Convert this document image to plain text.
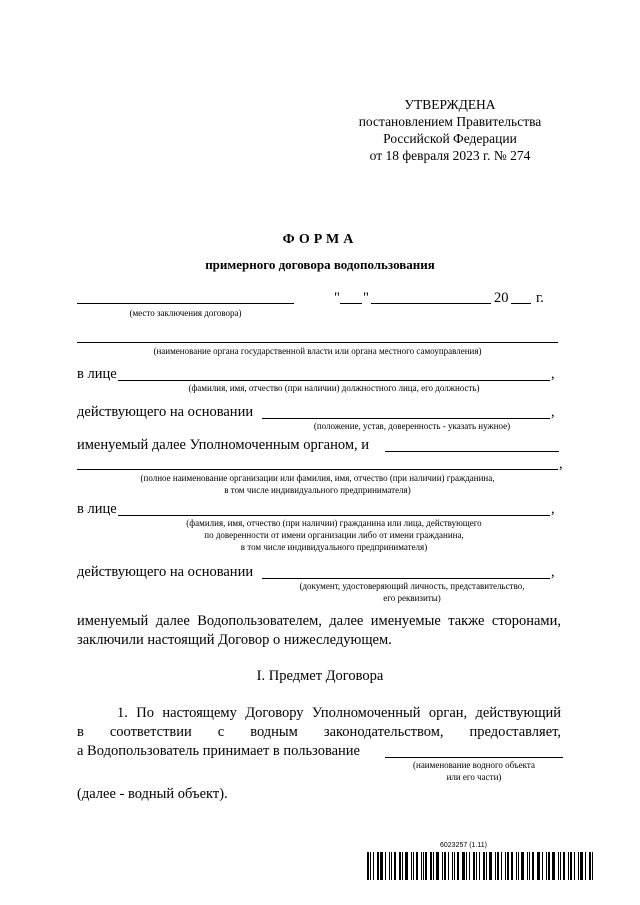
УТВЕРЖДЕНА
постановлением Правительства
Российской Федерации
от 18 февраля 2023 г. № 274
ФОРМА
примерного договора водопользования
(место заключения договора)
" "	20 г.
(наименование органа государственной власти или органа местного самоуправления)
в лице	,
(фамилия, имя, отчество (при наличии) должностного лица, его должность)
действующего на основании	,
(положение, устав, доверенность - указать нужное)
именуемый далее Уполномоченным органом, и
,
(полное наименование организации или фамилия, имя, отчество (при наличии) гражданина,
в том числе индивидуального предпринимателя)
в лице	,
(фамилия, имя, отчество (при наличии) гражданина или лица, действующего
по доверенности от имени организации либо от имени гражданина,
в том числе индивидуального предпринимателя)
действующего на основании	,
(документ, удостоверяющий личность, представительство,
его реквизиты)
именуемый далее Водопользователем, далее именуемые также сторонами,
заключили настоящий Договор о нижеследующем.
I. Предмет Договора
1. По настоящему Договору Уполномоченный орган, действующий
в соответствии с водным законодательством, предоставляет,
а Водопользователь принимает в пользование
(наименование водного объекта
или его части)
(далее - водный объект).
6023257 (1.11)
